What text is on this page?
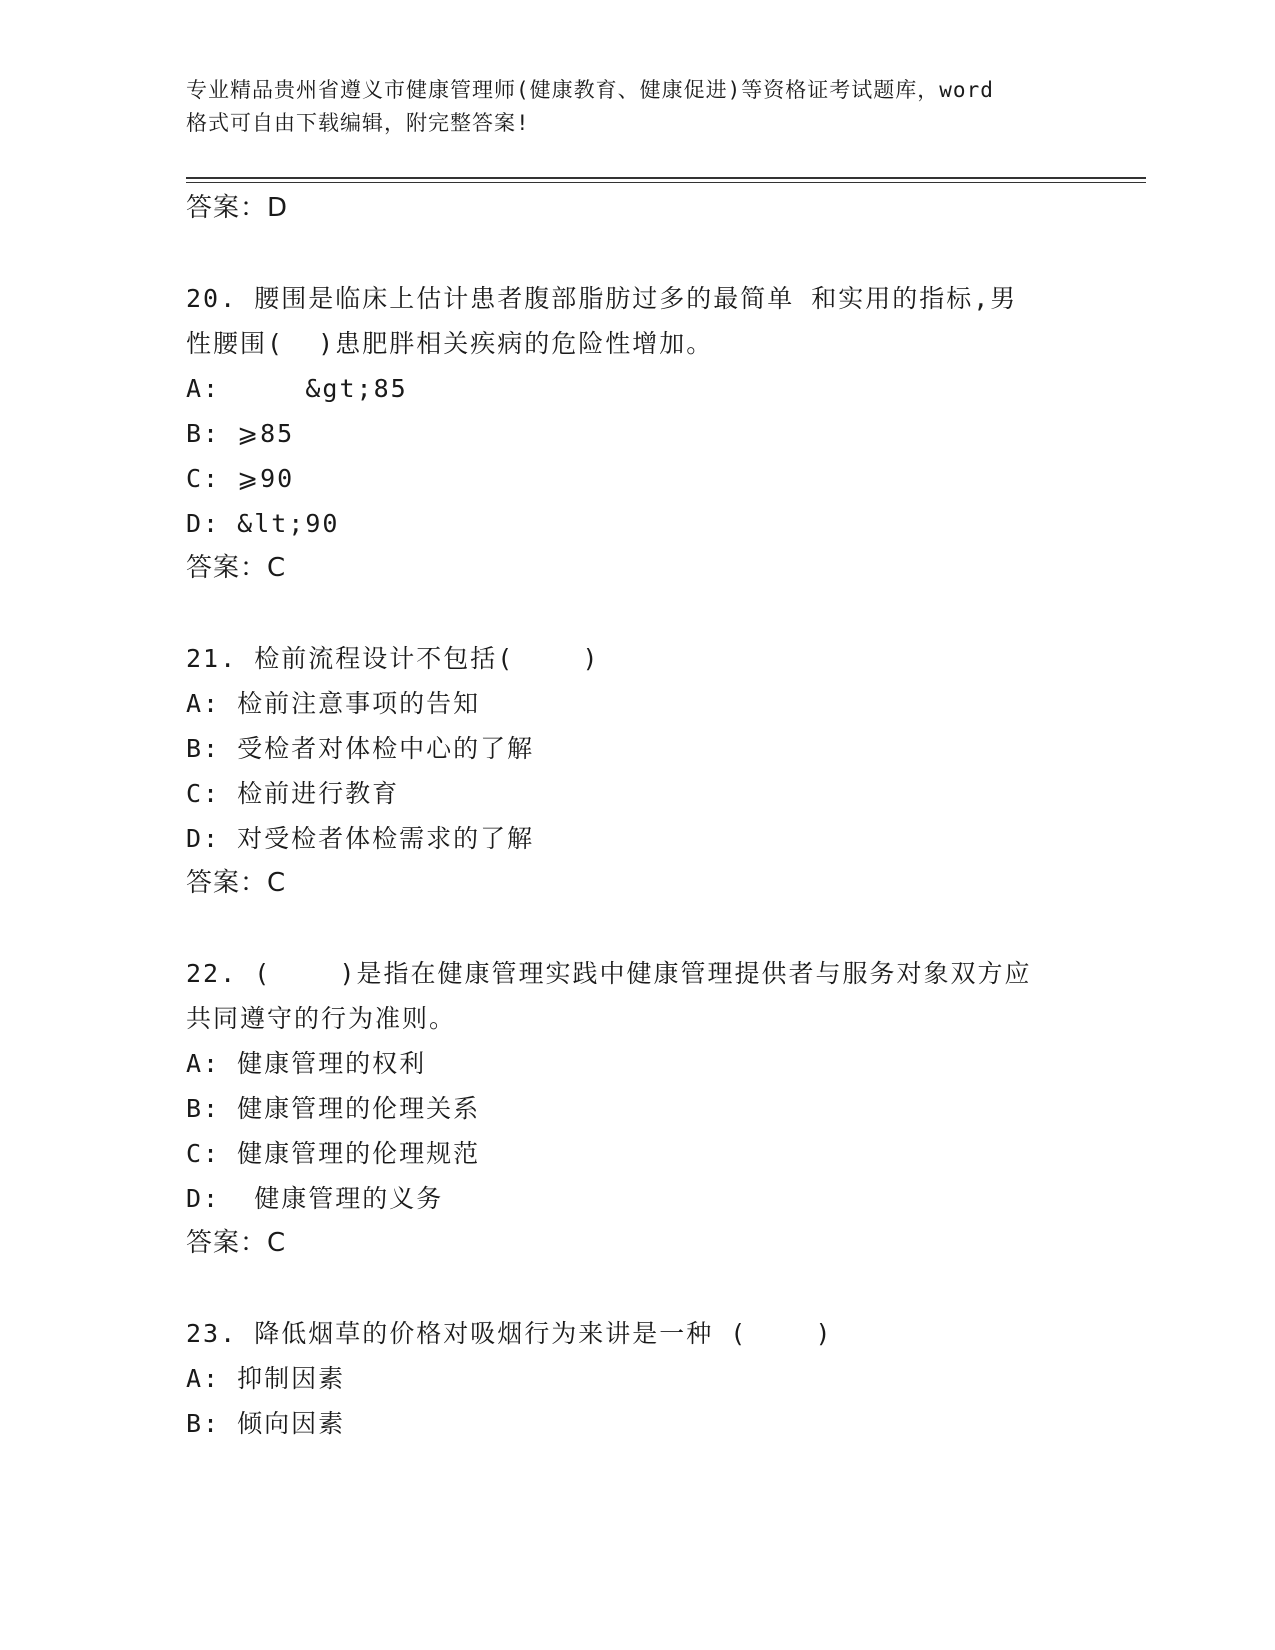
专业精品贵州省遵义市健康管理师(健康教育、健康促进)等资格证考试题库，word
格式可自由下载编辑，附完整答案!

答案：D

20. 腰围是临床上估计患者腹部脂肪过多的最简单 和实用的指标,男

性腰围(  )患肥胖相关疾病的危险性增加。

A:     &gt;85

B: ⩾85

C: ⩾90

D: &lt;90

答案：C

21. 检前流程设计不包括(    )

A: 检前注意事项的告知

B: 受检者对体检中心的了解

C: 检前进行教育

D: 对受检者体检需求的了解

答案：C

22. (    )是指在健康管理实践中健康管理提供者与服务对象双方应

共同遵守的行为准则。

A: 健康管理的权利

B: 健康管理的伦理关系

C: 健康管理的伦理规范

D:  健康管理的义务

答案：C

23. 降低烟草的价格对吸烟行为来讲是一种 (    )

A: 抑制因素

B: 倾向因素
